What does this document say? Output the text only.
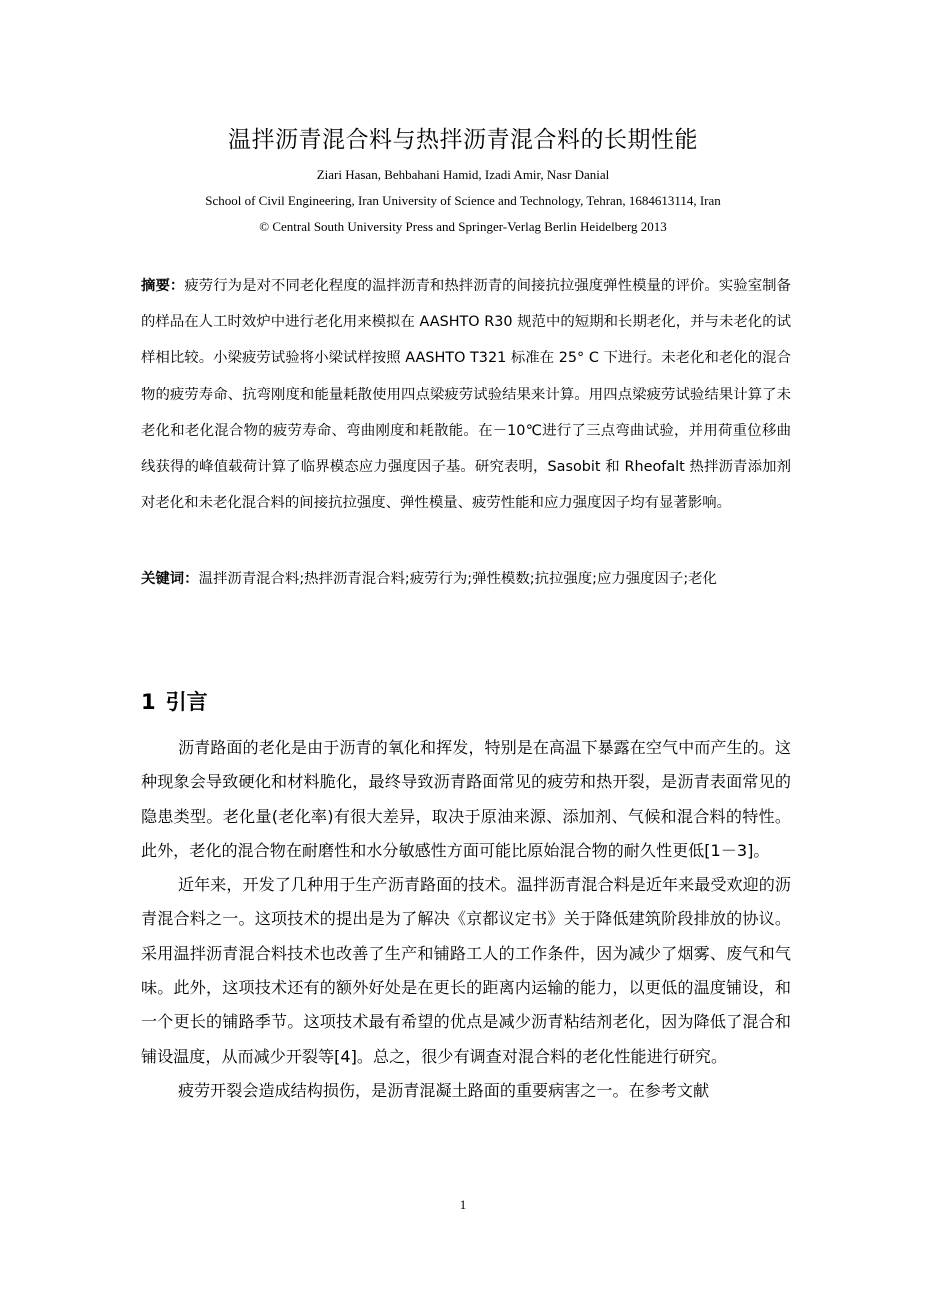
温拌沥青混合料与热拌沥青混合料的长期性能
Ziari Hasan, Behbahani Hamid, Izadi Amir, Nasr Danial
School of Civil Engineering, Iran University of Science and Technology, Tehran, 1684613114, Iran
© Central South University Press and Springer-Verlag Berlin Heidelberg 2013
摘要：疲劳行为是对不同老化程度的温拌沥青和热拌沥青的间接抗拉强度弹性模量的评价。实验室制备的样品在人工时效炉中进行老化用来模拟在 AASHTO R30 规范中的短期和长期老化，并与未老化的试样相比较。小梁疲劳试验将小梁试样按照 AASHTO T321 标准在 25° C 下进行。未老化和老化的混合物的疲劳寿命、抗弯刚度和能量耗散使用四点梁疲劳试验结果来计算。用四点梁疲劳试验结果计算了未老化和老化混合物的疲劳寿命、弯曲刚度和耗散能。在－10℃进行了三点弯曲试验，并用荷重位移曲线获得的峰值载荷计算了临界模态应力强度因子基。研究表明，Sasobit 和 Rheofalt 热拌沥青添加剂对老化和未老化混合料的间接抗拉强度、弹性模量、疲劳性能和应力强度因子均有显著影响。
关键词：温拌沥青混合料;热拌沥青混合料;疲劳行为;弹性模数;抗拉强度;应力强度因子;老化
1 引言

沥青路面的老化是由于沥青的氧化和挥发，特别是在高温下暴露在空气中而产生的。这种现象会导致硬化和材料脆化，最终导致沥青路面常见的疲劳和热开裂，是沥青表面常见的隐患类型。老化量(老化率)有很大差异，取决于原油来源、添加剂、气候和混合料的特性。此外，老化的混合物在耐磨性和水分敏感性方面可能比原始混合物的耐久性更低[1－3]。

近年来，开发了几种用于生产沥青路面的技术。温拌沥青混合料是近年来最受欢迎的沥青混合料之一。这项技术的提出是为了解决《京都议定书》关于降低建筑阶段排放的协议。采用温拌沥青混合料技术也改善了生产和铺路工人的工作条件，因为减少了烟雾、废气和气味。此外，这项技术还有的额外好处是在更长的距离内运输的能力，以更低的温度铺设，和一个更长的铺路季节。这项技术最有希望的优点是减少沥青粘结剂老化，因为降低了混合和铺设温度，从而减少开裂等[4]。总之，很少有调查对混合料的老化性能进行研究。

疲劳开裂会造成结构损伤，是沥青混凝土路面的重要病害之一。在参考文献

1
